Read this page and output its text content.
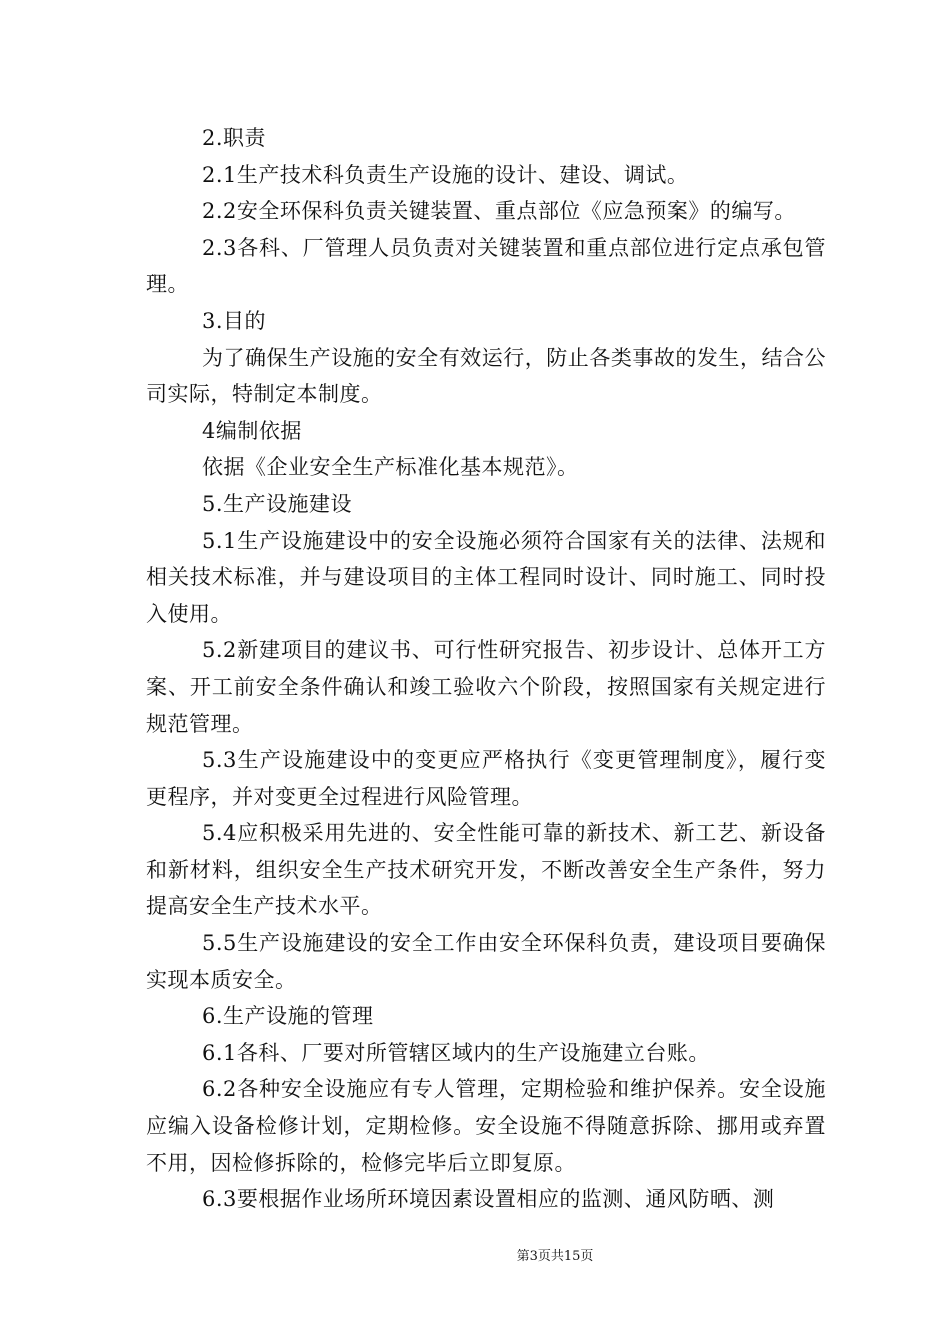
2.职责

2.1生产技术科负责生产设施的设计、建设、调试。

2.2安全环保科负责关键装置、重点部位《应急预案》的编写。

2.3各科、厂管理人员负责对关键装置和重点部位进行定点承包管理。

3.目的

为了确保生产设施的安全有效运行，防止各类事故的发生，结合公司实际，特制定本制度。

4编制依据

依据《企业安全生产标准化基本规范》。

5.生产设施建设

5.1生产设施建设中的安全设施必须符合国家有关的法律、法规和相关技术标准，并与建设项目的主体工程同时设计、同时施工、同时投入使用。

5.2新建项目的建议书、可行性研究报告、初步设计、总体开工方案、开工前安全条件确认和竣工验收六个阶段，按照国家有关规定进行规范管理。

5.3生产设施建设中的变更应严格执行《变更管理制度》，履行变更程序，并对变更全过程进行风险管理。

5.4应积极采用先进的、安全性能可靠的新技术、新工艺、新设备和新材料，组织安全生产技术研究开发，不断改善安全生产条件，努力提高安全生产技术水平。

5.5生产设施建设的安全工作由安全环保科负责，建设项目要确保实现本质安全。

6.生产设施的管理

6.1各科、厂要对所管辖区域内的生产设施建立台账。

6.2各种安全设施应有专人管理，定期检验和维护保养。安全设施应编入设备检修计划，定期检修。安全设施不得随意拆除、挪用或弃置不用，因检修拆除的，检修完毕后立即复原。

6.3要根据作业场所环境因素设置相应的监测、通风防晒、测

第3页共15页
